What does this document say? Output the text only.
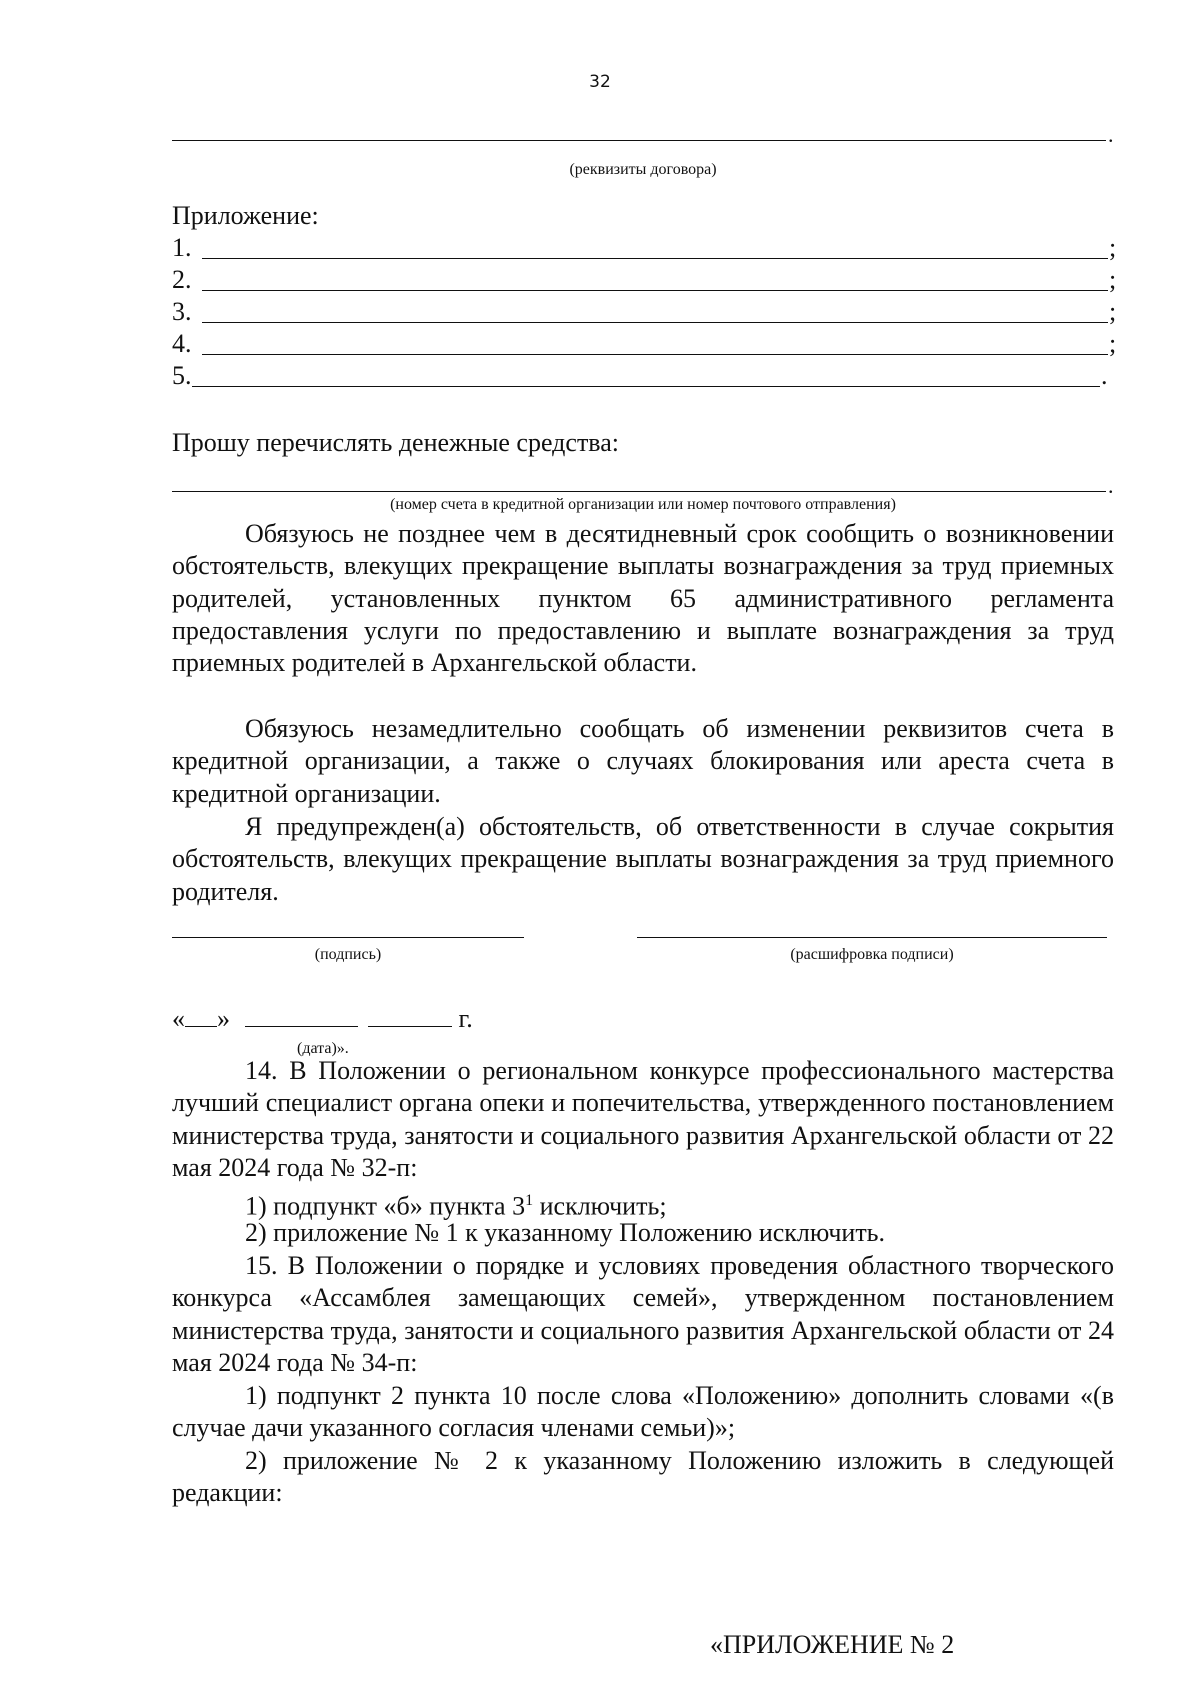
32
.
(реквизиты договора)
Приложение:
1.	;
2.	;
3.	;
4.	;
5.	.
Прошу перечислять денежные средства:
.
(номер счета в кредитной организации или номер почтового отправления)

Обязуюсь не позднее чем в десятидневный срок сообщить о возникновении обстоятельств, влекущих прекращение выплаты вознаграждения за труд приемных родителей, установленных пунктом 65 административного регламента предоставления услуги по предоставлению и выплате вознаграждения за труд приемных родителей в Архангельской области.

Обязуюсь незамедлительно сообщать об изменении реквизитов счета в кредитной организации, а также о случаях блокирования или ареста счета в кредитной организации.

Я предупрежден(а) обстоятельств, об ответственности в случае сокрытия обстоятельств, влекущих прекращение выплаты вознаграждения за труд приемного родителя.

(подпись)	(расшифровка подписи)
« »	г.
(дата)».

14. В Положении о региональном конкурсе профессионального мастерства лучший специалист органа опеки и попечительства, утвержденного постановлением министерства труда, занятости и социального развития Архангельской области от 22 мая 2024 года № 32-п:

1) подпункт «б» пункта $3^1$ исключить;

2) приложение № 1 к указанному Положению исключить.

15. В Положении о порядке и условиях проведения областного творческого конкурса «Ассамблея замещающих семей», утвержденном постановлением министерства труда, занятости и социального развития Архангельской области от 24 мая 2024 года № 34-п:

1) подпункт 2 пункта 10 после слова «Положению» дополнить словами «(в случае дачи указанного согласия членами семьи)»;

2) приложение № 2 к указанному Положению изложить в следующей редакции:

«ПРИЛОЖЕНИЕ № 2
